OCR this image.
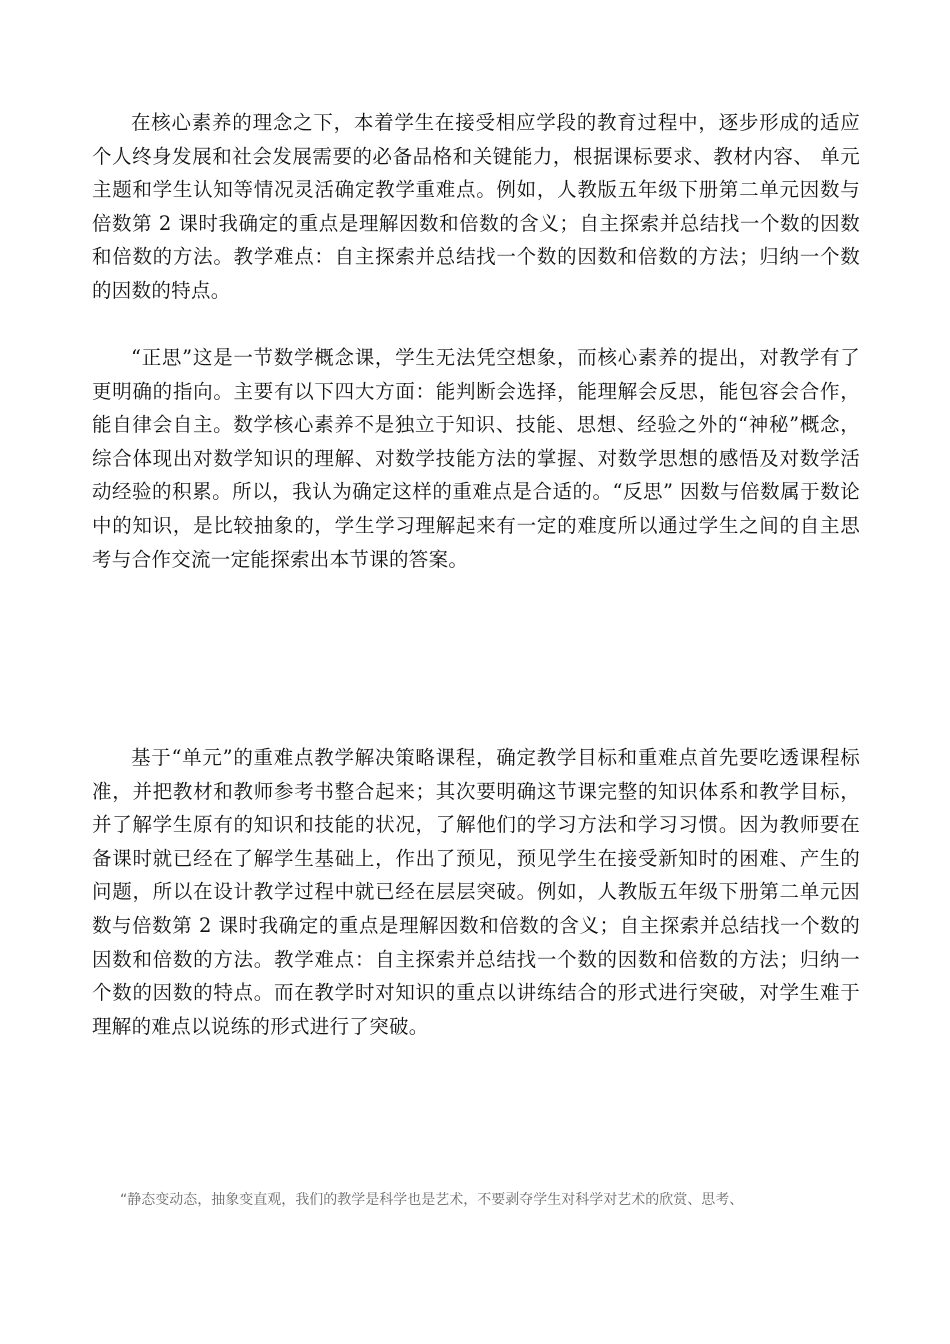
在核心素养的理念之下，本着学生在接受相应学段的教育过程中，逐步形成的适应个人终身发展和社会发展需要的必备品格和关键能力，根据课标要求、教材内容、 单元主题和学生认知等情况灵活确定教学重难点。例如，人教版五年级下册第二单元因数与倍数第 2 课时我确定的重点是理解因数和倍数的含义；自主探索并总结找一个数的因数和倍数的方法。教学难点：自主探索并总结找一个数的因数和倍数的方法；归纳一个数的因数的特点。

“正思”这是一节数学概念课，学生无法凭空想象，而核心素养的提出，对教学有了更明确的指向。主要有以下四大方面：能判断会选择，能理解会反思，能包容会合作，能自律会自主。数学核心素养不是独立于知识、技能、思想、经验之外的“神秘”概念，综合体现出对数学知识的理解、对数学技能方法的掌握、对数学思想的感悟及对数学活动经验的积累。所以，我认为确定这样的重难点是合适的。“反思” 因数与倍数属于数论中的知识，是比较抽象的，学生学习理解起来有一定的难度所以通过学生之间的自主思考与合作交流一定能探索出本节课的答案。

基于“单元”的重难点教学解决策略课程，确定教学目标和重难点首先要吃透课程标准，并把教材和教师参考书整合起来；其次要明确这节课完整的知识体系和教学目标，并了解学生原有的知识和技能的状况，了解他们的学习方法和学习习惯。因为教师要在备课时就已经在了解学生基础上，作出了预见，预见学生在接受新知时的困难、产生的问题，所以在设计教学过程中就已经在层层突破。例如，人教版五年级下册第二单元因数与倍数第 2 课时我确定的重点是理解因数和倍数的含义；自主探索并总结找一个数的因数和倍数的方法。教学难点：自主探索并总结找一个数的因数和倍数的方法；归纳一个数的因数的特点。而在教学时对知识的重点以讲练结合的形式进行突破，对学生难于理解的难点以说练的形式进行了突破。

“静态变动态，抽象变直观，我们的教学是科学也是艺术，不要剥夺学生对科学对艺术的欣赏、思考、
